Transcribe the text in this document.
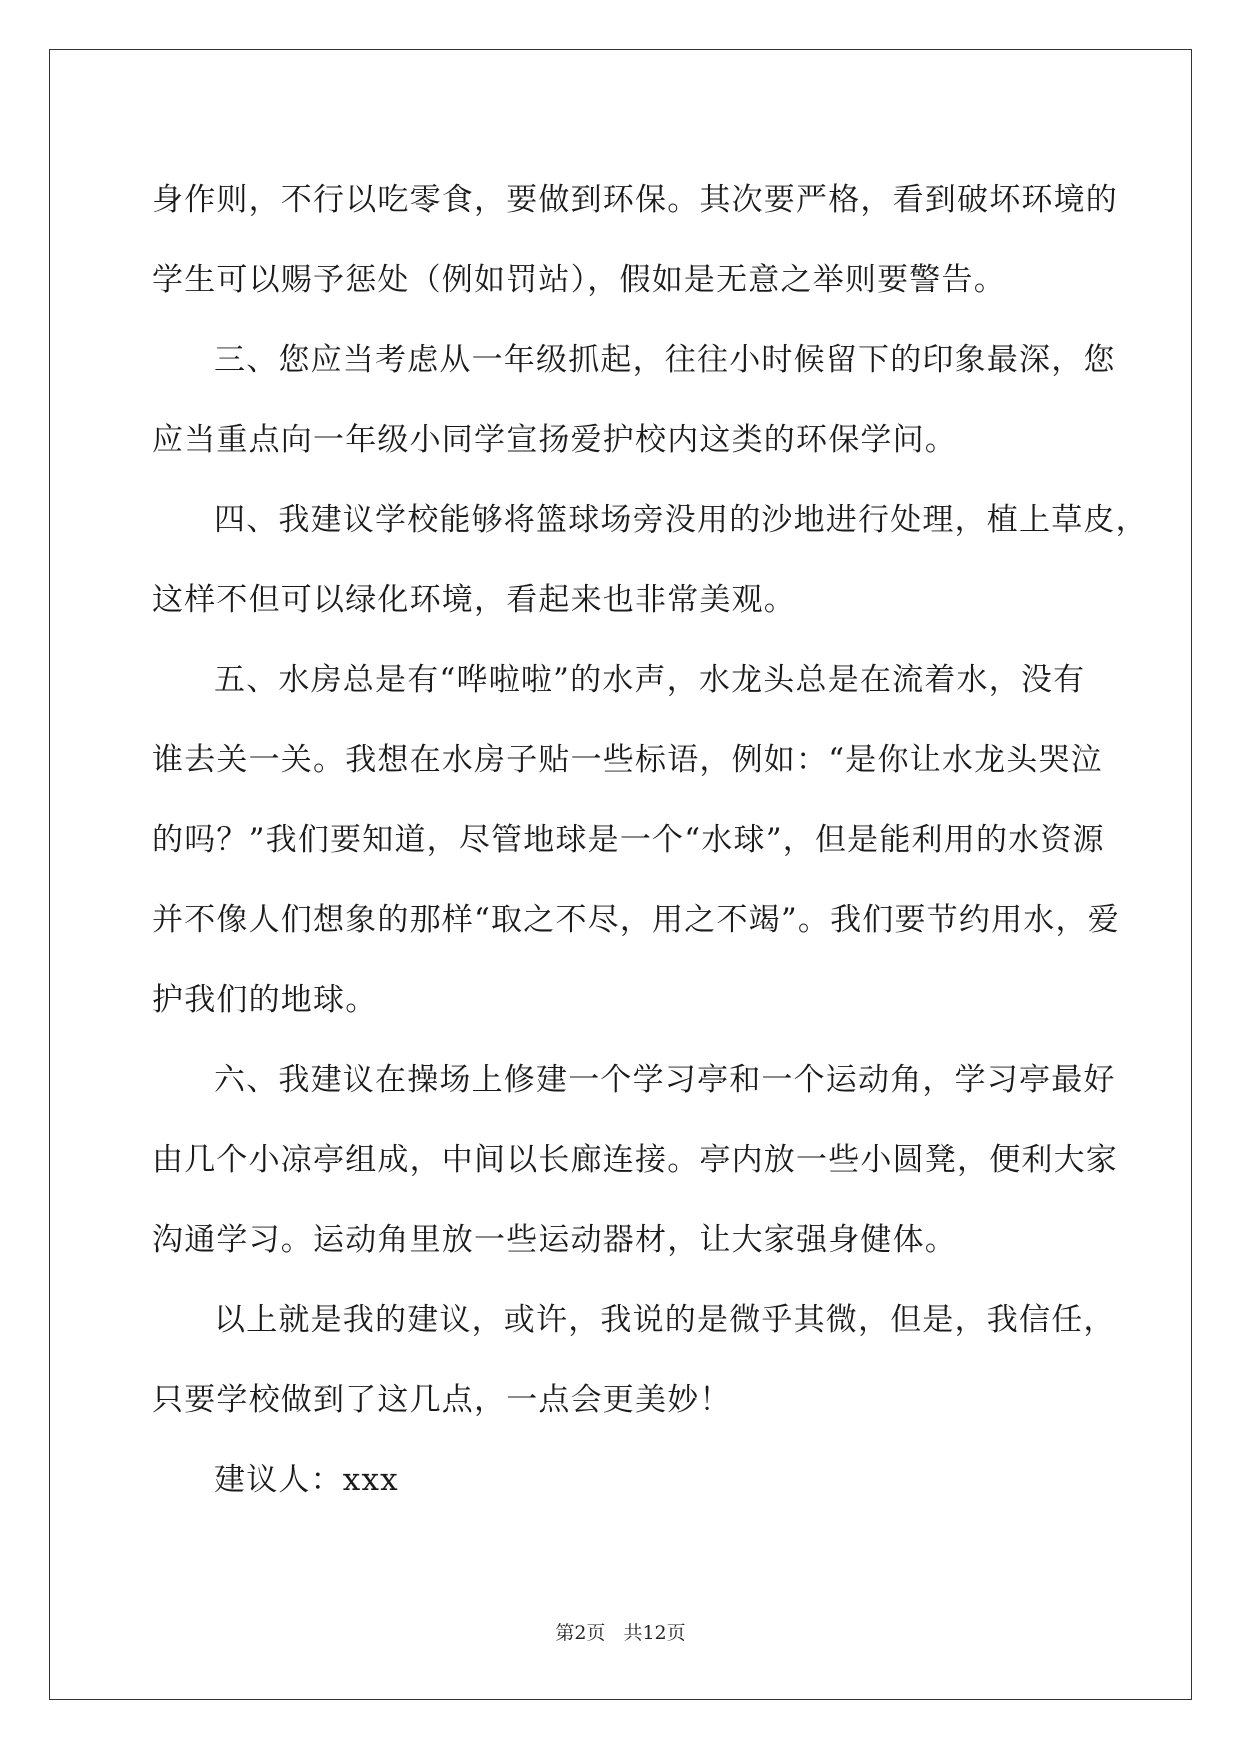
身作则，不行以吃零食，要做到环保。其次要严格，看到破坏环境的
学生可以赐予惩处（例如罚站），假如是无意之举则要警告。
三、您应当考虑从一年级抓起，往往小时候留下的印象最深，您
应当重点向一年级小同学宣扬爱护校内这类的环保学问。
四、我建议学校能够将篮球场旁没用的沙地进行处理，植上草皮，
这样不但可以绿化环境，看起来也非常美观。
五、水房总是有“哗啦啦”的水声，水龙头总是在流着水，没有
谁去关一关。我想在水房子贴一些标语，例如：“是你让水龙头哭泣
的吗？”我们要知道，尽管地球是一个“水球”，但是能利用的水资源
并不像人们想象的那样“取之不尽，用之不竭”。我们要节约用水，爱
护我们的地球。
六、我建议在操场上修建一个学习亭和一个运动角，学习亭最好
由几个小凉亭组成，中间以长廊连接。亭内放一些小圆凳，便利大家
沟通学习。运动角里放一些运动器材，让大家强身健体。
以上就是我的建议，或许，我说的是微乎其微，但是，我信任，
只要学校做到了这几点，一点会更美妙！
建议人：xxx
第2页 共12页
